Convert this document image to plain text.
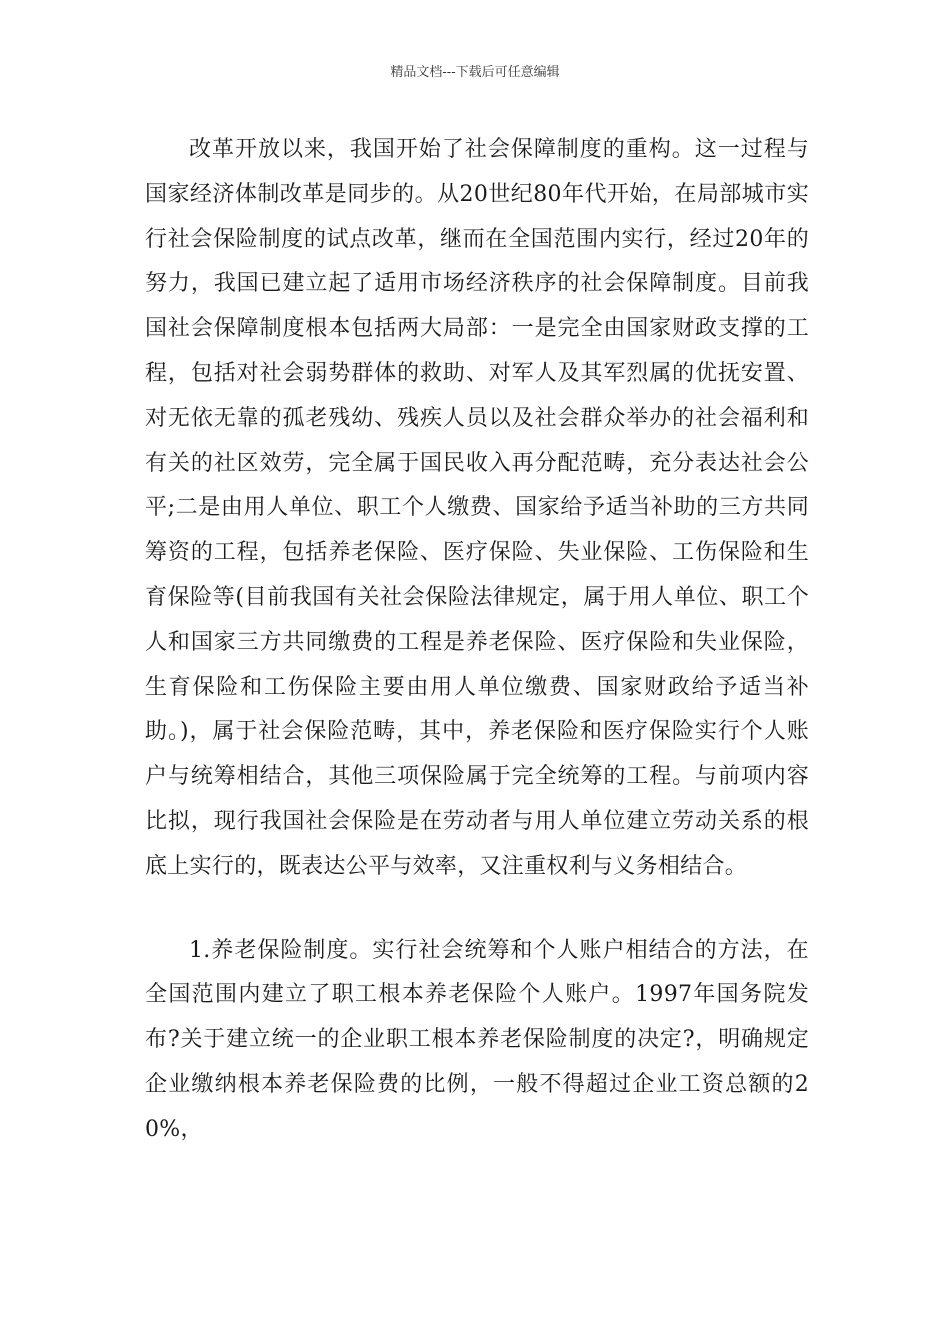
精品文档---下载后可任意编辑

改革开放以来，我国开始了社会保障制度的重构。这一过程与国家经济体制改革是同步的。从20世纪80年代开始，在局部城市实行社会保险制度的试点改革，继而在全国范围内实行，经过20年的努力，我国已建立起了适用市场经济秩序的社会保障制度。目前我国社会保障制度根本包括两大局部：一是完全由国家财政支撑的工程，包括对社会弱势群体的救助、对军人及其军烈属的优抚安置、对无依无靠的孤老残幼、残疾人员以及社会群众举办的社会福利和有关的社区效劳，完全属于国民收入再分配范畴，充分表达社会公平;二是由用人单位、职工个人缴费、国家给予适当补助的三方共同筹资的工程，包括养老保险、医疗保险、失业保险、工伤保险和生育保险等(目前我国有关社会保险法律规定，属于用人单位、职工个人和国家三方共同缴费的工程是养老保险、医疗保险和失业保险，生育保险和工伤保险主要由用人单位缴费、国家财政给予适当补助。)，属于社会保险范畴，其中，养老保险和医疗保险实行个人账户与统筹相结合，其他三项保险属于完全统筹的工程。与前项内容比拟，现行我国社会保险是在劳动者与用人单位建立劳动关系的根底上实行的，既表达公平与效率，又注重权利与义务相结合。

1.养老保险制度。实行社会统筹和个人账户相结合的方法，在全国范围内建立了职工根本养老保险个人账户。1997年国务院发布?关于建立统一的企业职工根本养老保险制度的决定?，明确规定企业缴纳根本养老保险费的比例，一般不得超过企业工资总额的20%，
